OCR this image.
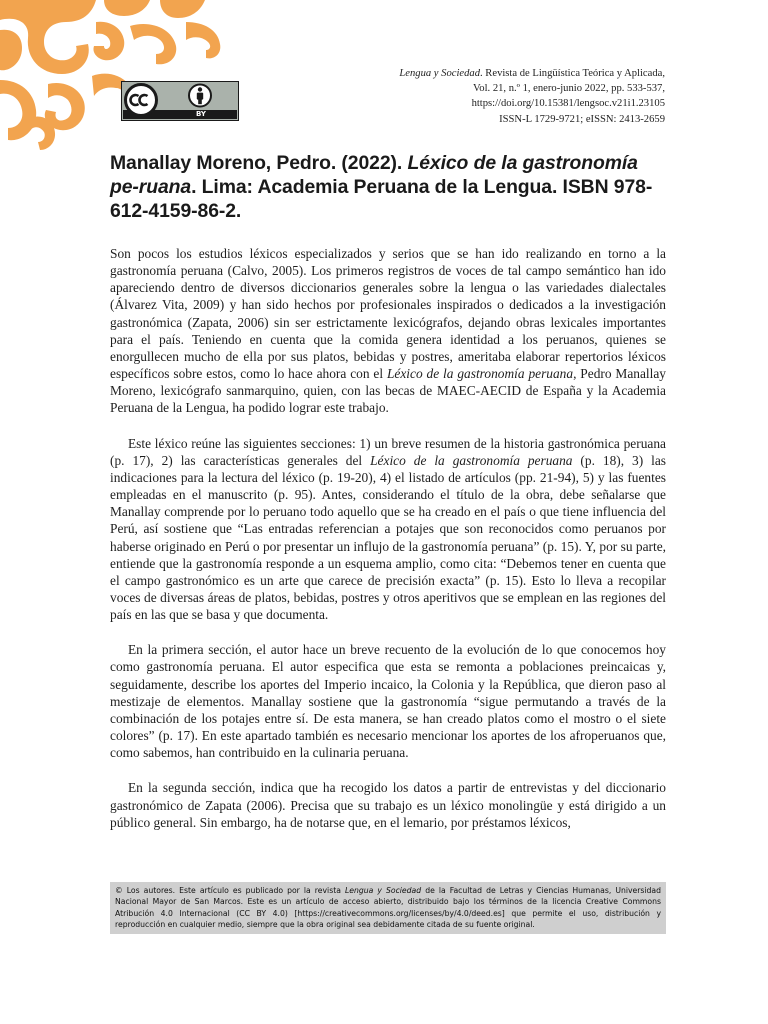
BY
Lengua y Sociedad. Revista de Lingüística Teórica y Aplicada,
Vol. 21, n.º 1, enero-junio 2022, pp. 533-537,
https://doi.org/10.15381/lengsoc.v21i1.23105
ISSN-L 1729-9721; eISSN: 2413-2659
Manallay Moreno, Pedro. (2022). Léxico de la gastronomía pe-ruana. Lima: Academia Peruana de la Lengua. ISBN 978-612-4159-86-2.

Son pocos los estudios léxicos especializados y serios que se han ido realizando en torno a la gastronomía peruana (Calvo, 2005). Los primeros registros de voces de tal campo semántico han ido apareciendo dentro de diversos diccionarios generales sobre la lengua o las variedades dialectales (Álvarez Vita, 2009) y han sido hechos por profesionales inspirados o dedicados a la investigación gastronómica (Zapata, 2006) sin ser estrictamente lexicógrafos, dejando obras lexicales importantes para el país. Teniendo en cuenta que la comida genera identidad a los peruanos, quienes se enorgullecen mucho de ella por sus platos, bebidas y postres, ameritaba elaborar repertorios léxicos específicos sobre estos, como lo hace ahora con el Léxico de la gastronomía peruana, Pedro Manallay Moreno, lexicógrafo sanmarquino, quien, con las becas de MAEC-AECID de España y la Academia Peruana de la Lengua, ha podido lograr este trabajo.

Este léxico reúne las siguientes secciones: 1) un breve resumen de la historia gastronómica peruana (p. 17), 2) las características generales del Léxico de la gastronomía peruana (p. 18), 3) las indicaciones para la lectura del léxico (p. 19-20), 4) el listado de artículos (pp. 21-94), 5) y las fuentes empleadas en el manuscrito (p. 95). Antes, considerando el título de la obra, debe señalarse que Manallay comprende por lo peruano todo aquello que se ha creado en el país o que tiene influencia del Perú, así sostiene que “Las entradas referencian a potajes que son reconocidos como peruanos por haberse originado en Perú o por presentar un influjo de la gastronomía peruana” (p. 15). Y, por su parte, entiende que la gastronomía responde a un esquema amplio, como cita: “Debemos tener en cuenta que el campo gastronómico es un arte que carece de precisión exacta” (p. 15). Esto lo lleva a recopilar voces de diversas áreas de platos, bebidas, postres y otros aperitivos que se emplean en las regiones del país en las que se basa y que documenta.

En la primera sección, el autor hace un breve recuento de la evolución de lo que conocemos hoy como gastronomía peruana. El autor especifica que esta se remonta a poblaciones preincaicas y, seguidamente, describe los aportes del Imperio incaico, la Colonia y la República, que dieron paso al mestizaje de elementos. Manallay sostiene que la gastronomía “sigue permutando a través de la combinación de los potajes entre sí. De esta manera, se han creado platos como el mostro o el siete colores” (p. 17). En este apartado también es necesario mencionar los aportes de los afroperuanos que, como sabemos, han contribuido en la culinaria peruana.

En la segunda sección, indica que ha recogido los datos a partir de entrevistas y del diccionario gastronómico de Zapata (2006). Precisa que su trabajo es un léxico monolingüe y está dirigido a un público general. Sin embargo, ha de notarse que, en el lemario, por préstamos léxicos,

© Los autores. Este artículo es publicado por la revista Lengua y Sociedad de la Facultad de Letras y Ciencias Humanas, Universidad Nacional Mayor de San Marcos. Este es un artículo de acceso abierto, distribuido bajo los términos de la licencia Creative Commons Atribución 4.0 Internacional (CC BY 4.0) [https://creativecommons.org/licenses/by/4.0/deed.es] que permite el uso, distribución y reproducción en cualquier medio, siempre que la obra original sea debidamente citada de su fuente original.
